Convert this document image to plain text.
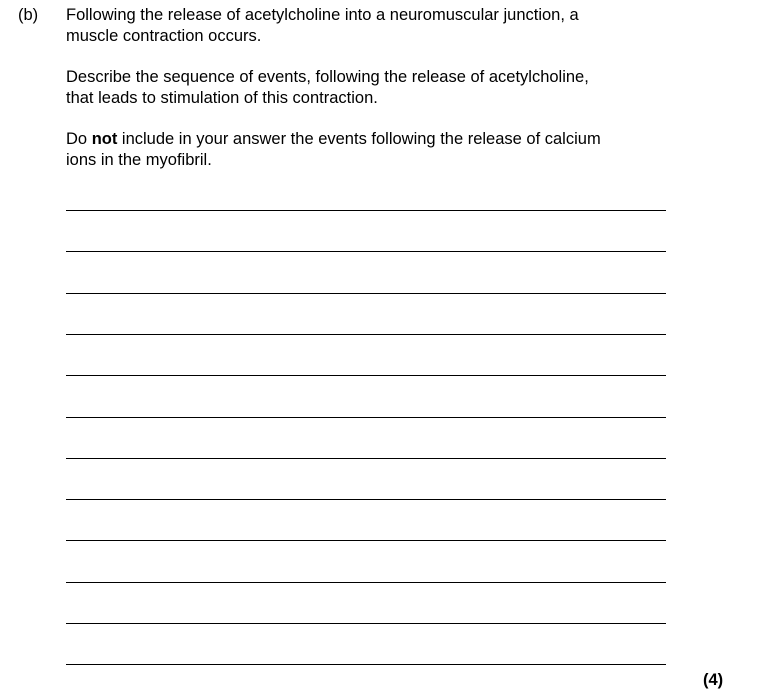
(b) Following the release of acetylcholine into a neuromuscular junction, a
muscle contraction occurs.

Describe the sequence of events, following the release of acetylcholine,
that leads to stimulation of this contraction.

Do not include in your answer the events following the release of calcium
ions in the myofibril.

(4)
